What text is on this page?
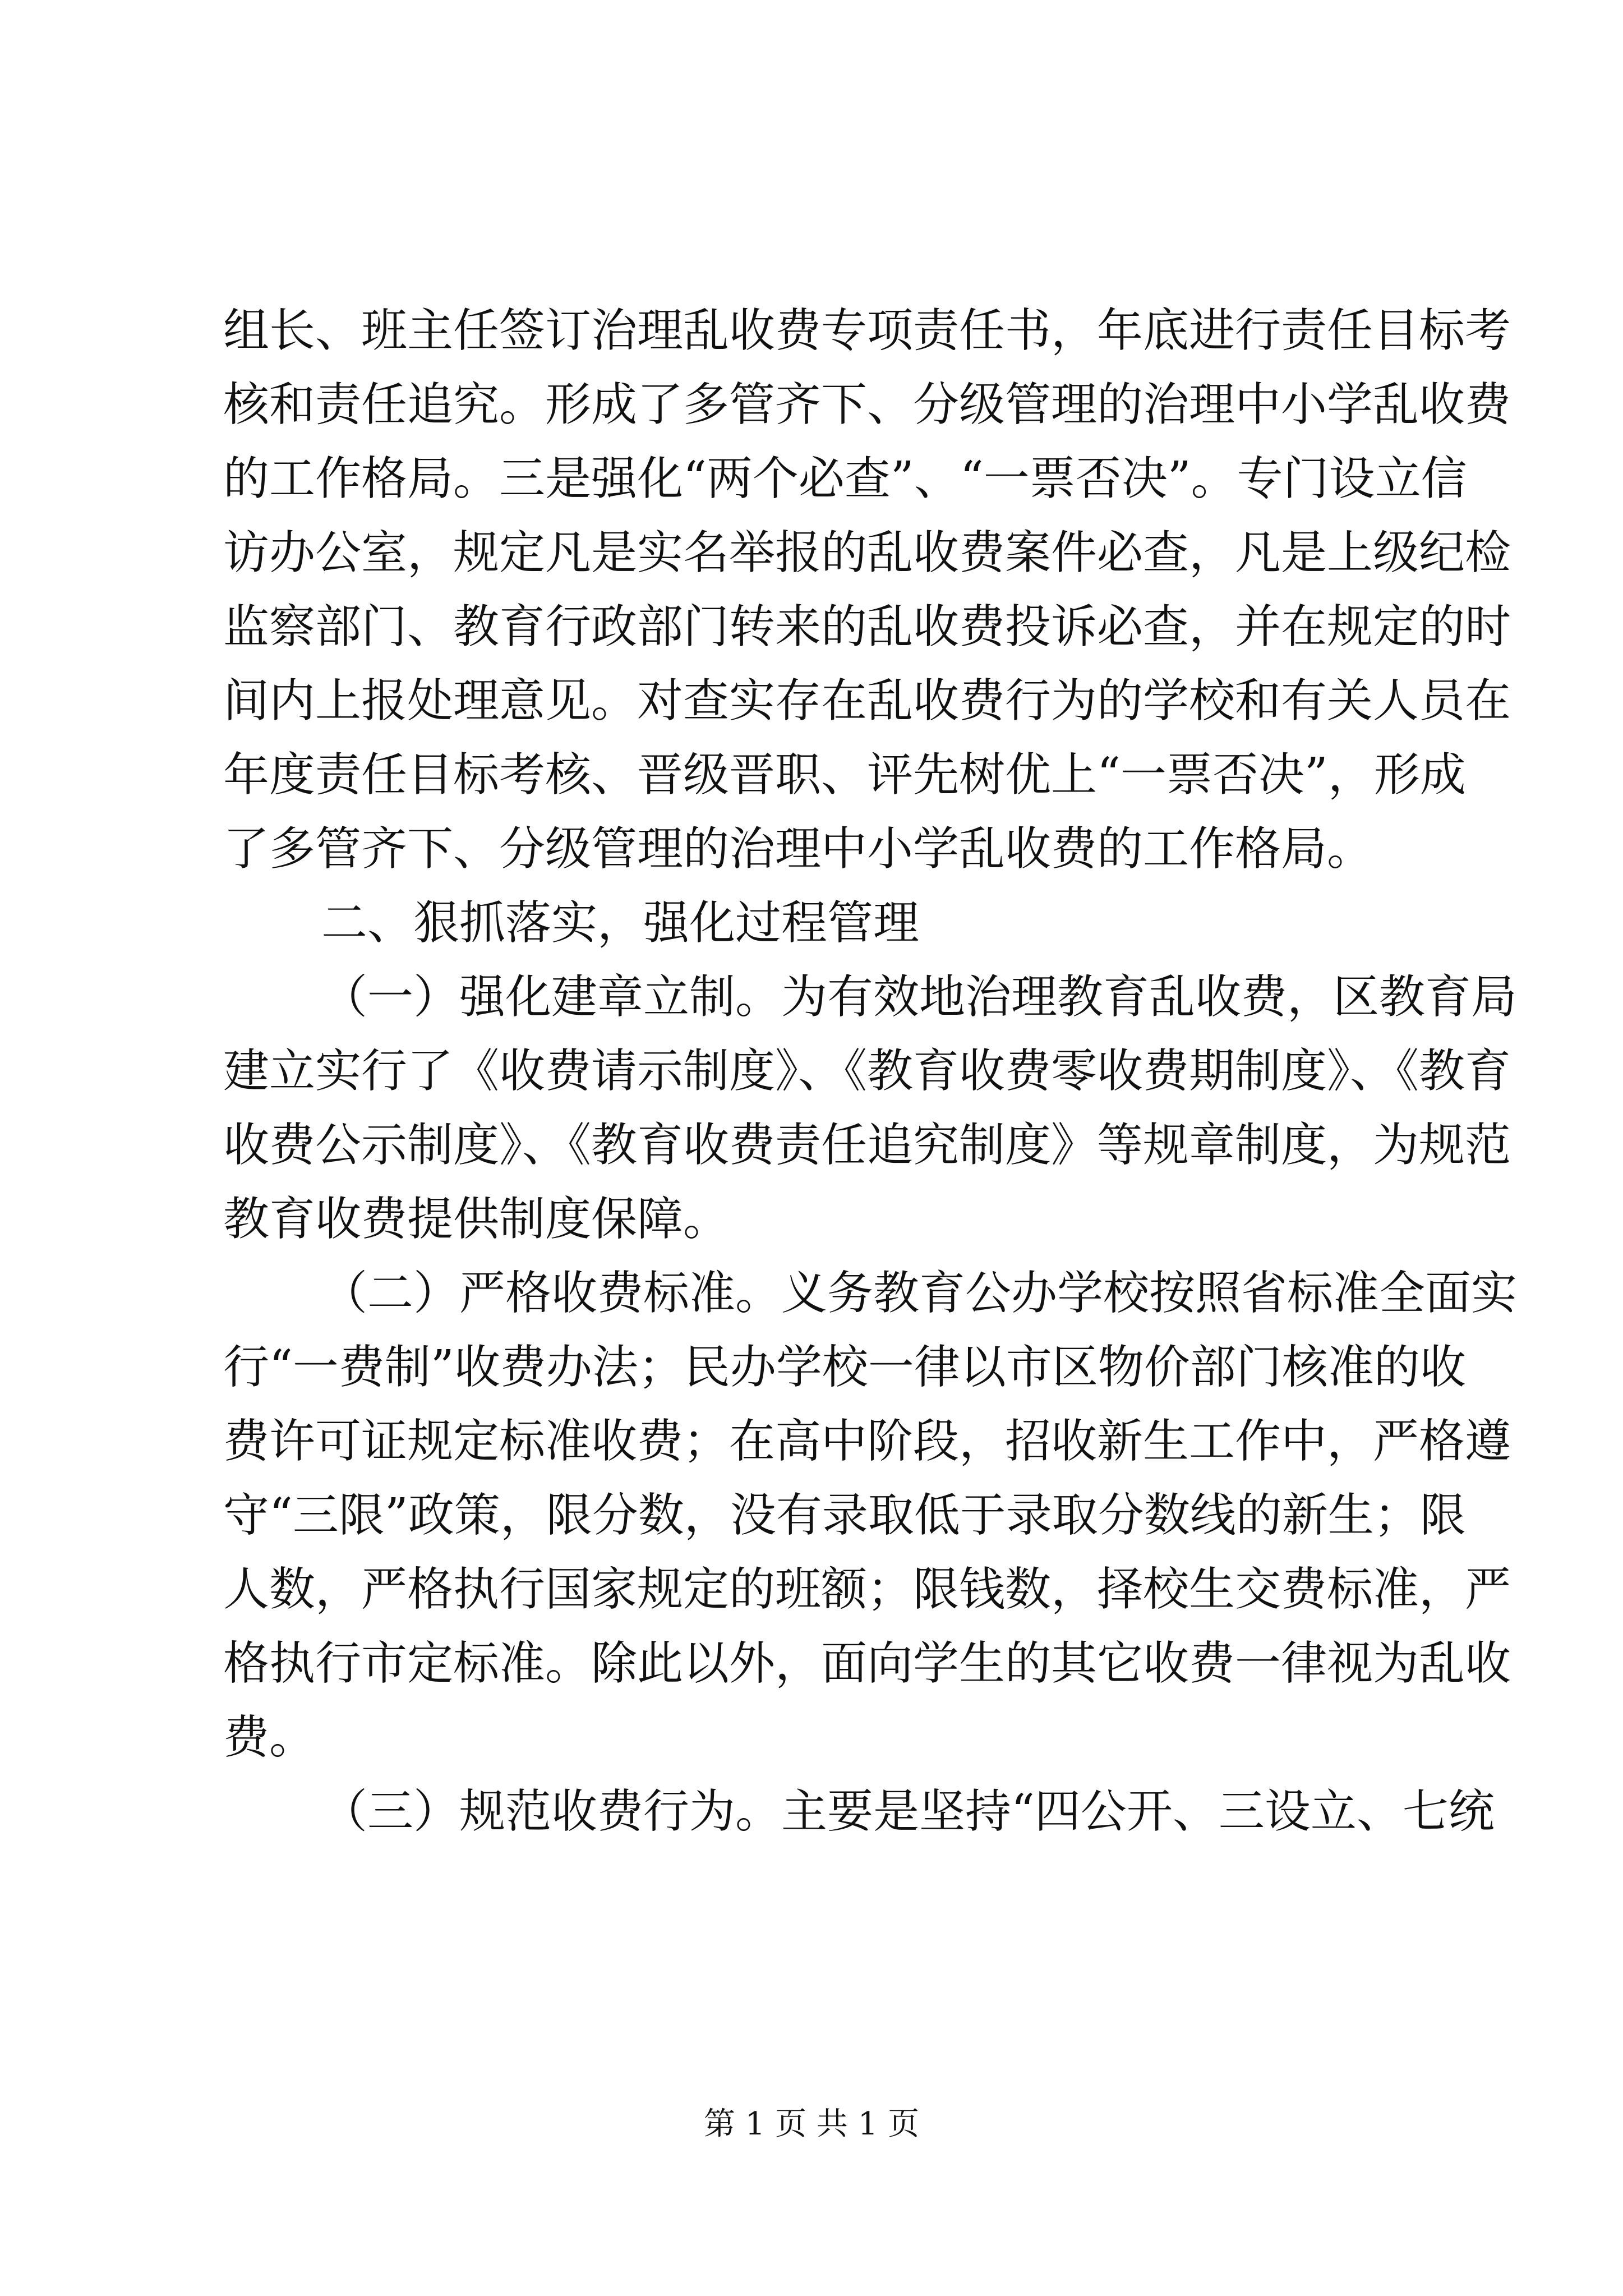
组长、班主任签订治理乱收费专项责任书，年底进行责任目标考
核和责任追究。形成了多管齐下、分级管理的治理中小学乱收费
的工作格局。三是强化“两个必查”、“一票否决”。专门设立信
访办公室，规定凡是实名举报的乱收费案件必查，凡是上级纪检
监察部门、教育行政部门转来的乱收费投诉必查，并在规定的时
间内上报处理意见。对查实存在乱收费行为的学校和有关人员在
年度责任目标考核、晋级晋职、评先树优上“一票否决”，形成
了多管齐下、分级管理的治理中小学乱收费的工作格局。
二、狠抓落实，强化过程管理
（一）强化建章立制。为有效地治理教育乱收费，区教育局
建立实行了《收费请示制度》、《教育收费零收费期制度》、《教育
收费公示制度》、《教育收费责任追究制度》等规章制度，为规范
教育收费提供制度保障。
（二）严格收费标准。义务教育公办学校按照省标准全面实
行“一费制”收费办法；民办学校一律以市区物价部门核准的收
费许可证规定标准收费；在高中阶段，招收新生工作中，严格遵
守“三限”政策，限分数，没有录取低于录取分数线的新生；限
人数，严格执行国家规定的班额；限钱数，择校生交费标准，严
格执行市定标准。除此以外，面向学生的其它收费一律视为乱收
费。
（三）规范收费行为。主要是坚持“四公开、三设立、七统
第 1 页 共 1 页
